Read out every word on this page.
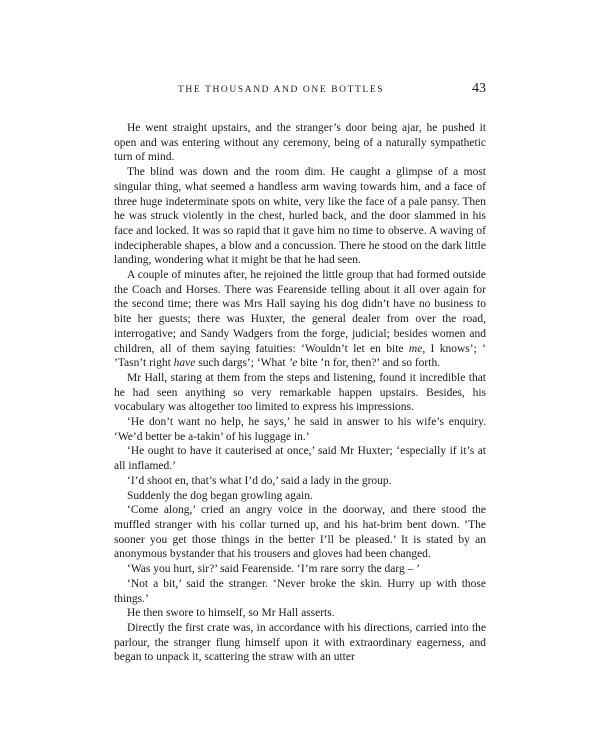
THE THOUSAND AND ONE BOTTLES	43

He went straight upstairs, and the stranger’s door being ajar, he pushed it open and was entering without any ceremony, being of a naturally sympathetic turn of mind.

The blind was down and the room dim. He caught a glimpse of a most singular thing, what seemed a handless arm waving towards him, and a face of three huge indeterminate spots on white, very like the face of a pale pansy. Then he was struck violently in the chest, hurled back, and the door slammed in his face and locked. It was so rapid that it gave him no time to observe. A waving of indecipherable shapes, a blow and a concussion. There he stood on the dark little landing, wondering what it might be that he had seen.

A couple of minutes after, he rejoined the little group that had formed outside the Coach and Horses. There was Fearenside telling about it all over again for the second time; there was Mrs Hall saying his dog didn’t have no business to bite her guests; there was Huxter, the general dealer from over the road, interrogative; and Sandy Wadgers from the forge, judicial; besides women and children, all of them saying fatuities: ‘Wouldn’t let en bite me, I knows’; ‘ ’Tasn’t right have such dargs’; ‘What ’e bite ’n for, then?’ and so forth.

Mr Hall, staring at them from the steps and listening, found it incredible that he had seen anything so very remarkable happen upstairs. Besides, his vocabulary was altogether too limited to express his impressions.

‘He don’t want no help, he says,’ he said in answer to his wife’s enquiry. ‘We’d better be a-takin’ of his luggage in.’

‘He ought to have it cauterised at once,’ said Mr Huxter; ‘especially if it’s at all inflamed.’

‘I’d shoot en, that’s what I’d do,’ said a lady in the group.

Suddenly the dog began growling again.

‘Come along,’ cried an angry voice in the doorway, and there stood the muffled stranger with his collar turned up, and his hat-brim bent down. ‘The sooner you get those things in the better I’ll be pleased.’ It is stated by an anonymous bystander that his trousers and gloves had been changed.

‘Was you hurt, sir?’ said Fearenside. ‘I’m rare sorry the darg – ’

‘Not a bit,’ said the stranger. ‘Never broke the skin. Hurry up with those things.’

He then swore to himself, so Mr Hall asserts.

Directly the first crate was, in accordance with his directions, carried into the parlour, the stranger flung himself upon it with extraordinary eagerness, and began to unpack it, scattering the straw with an utter
